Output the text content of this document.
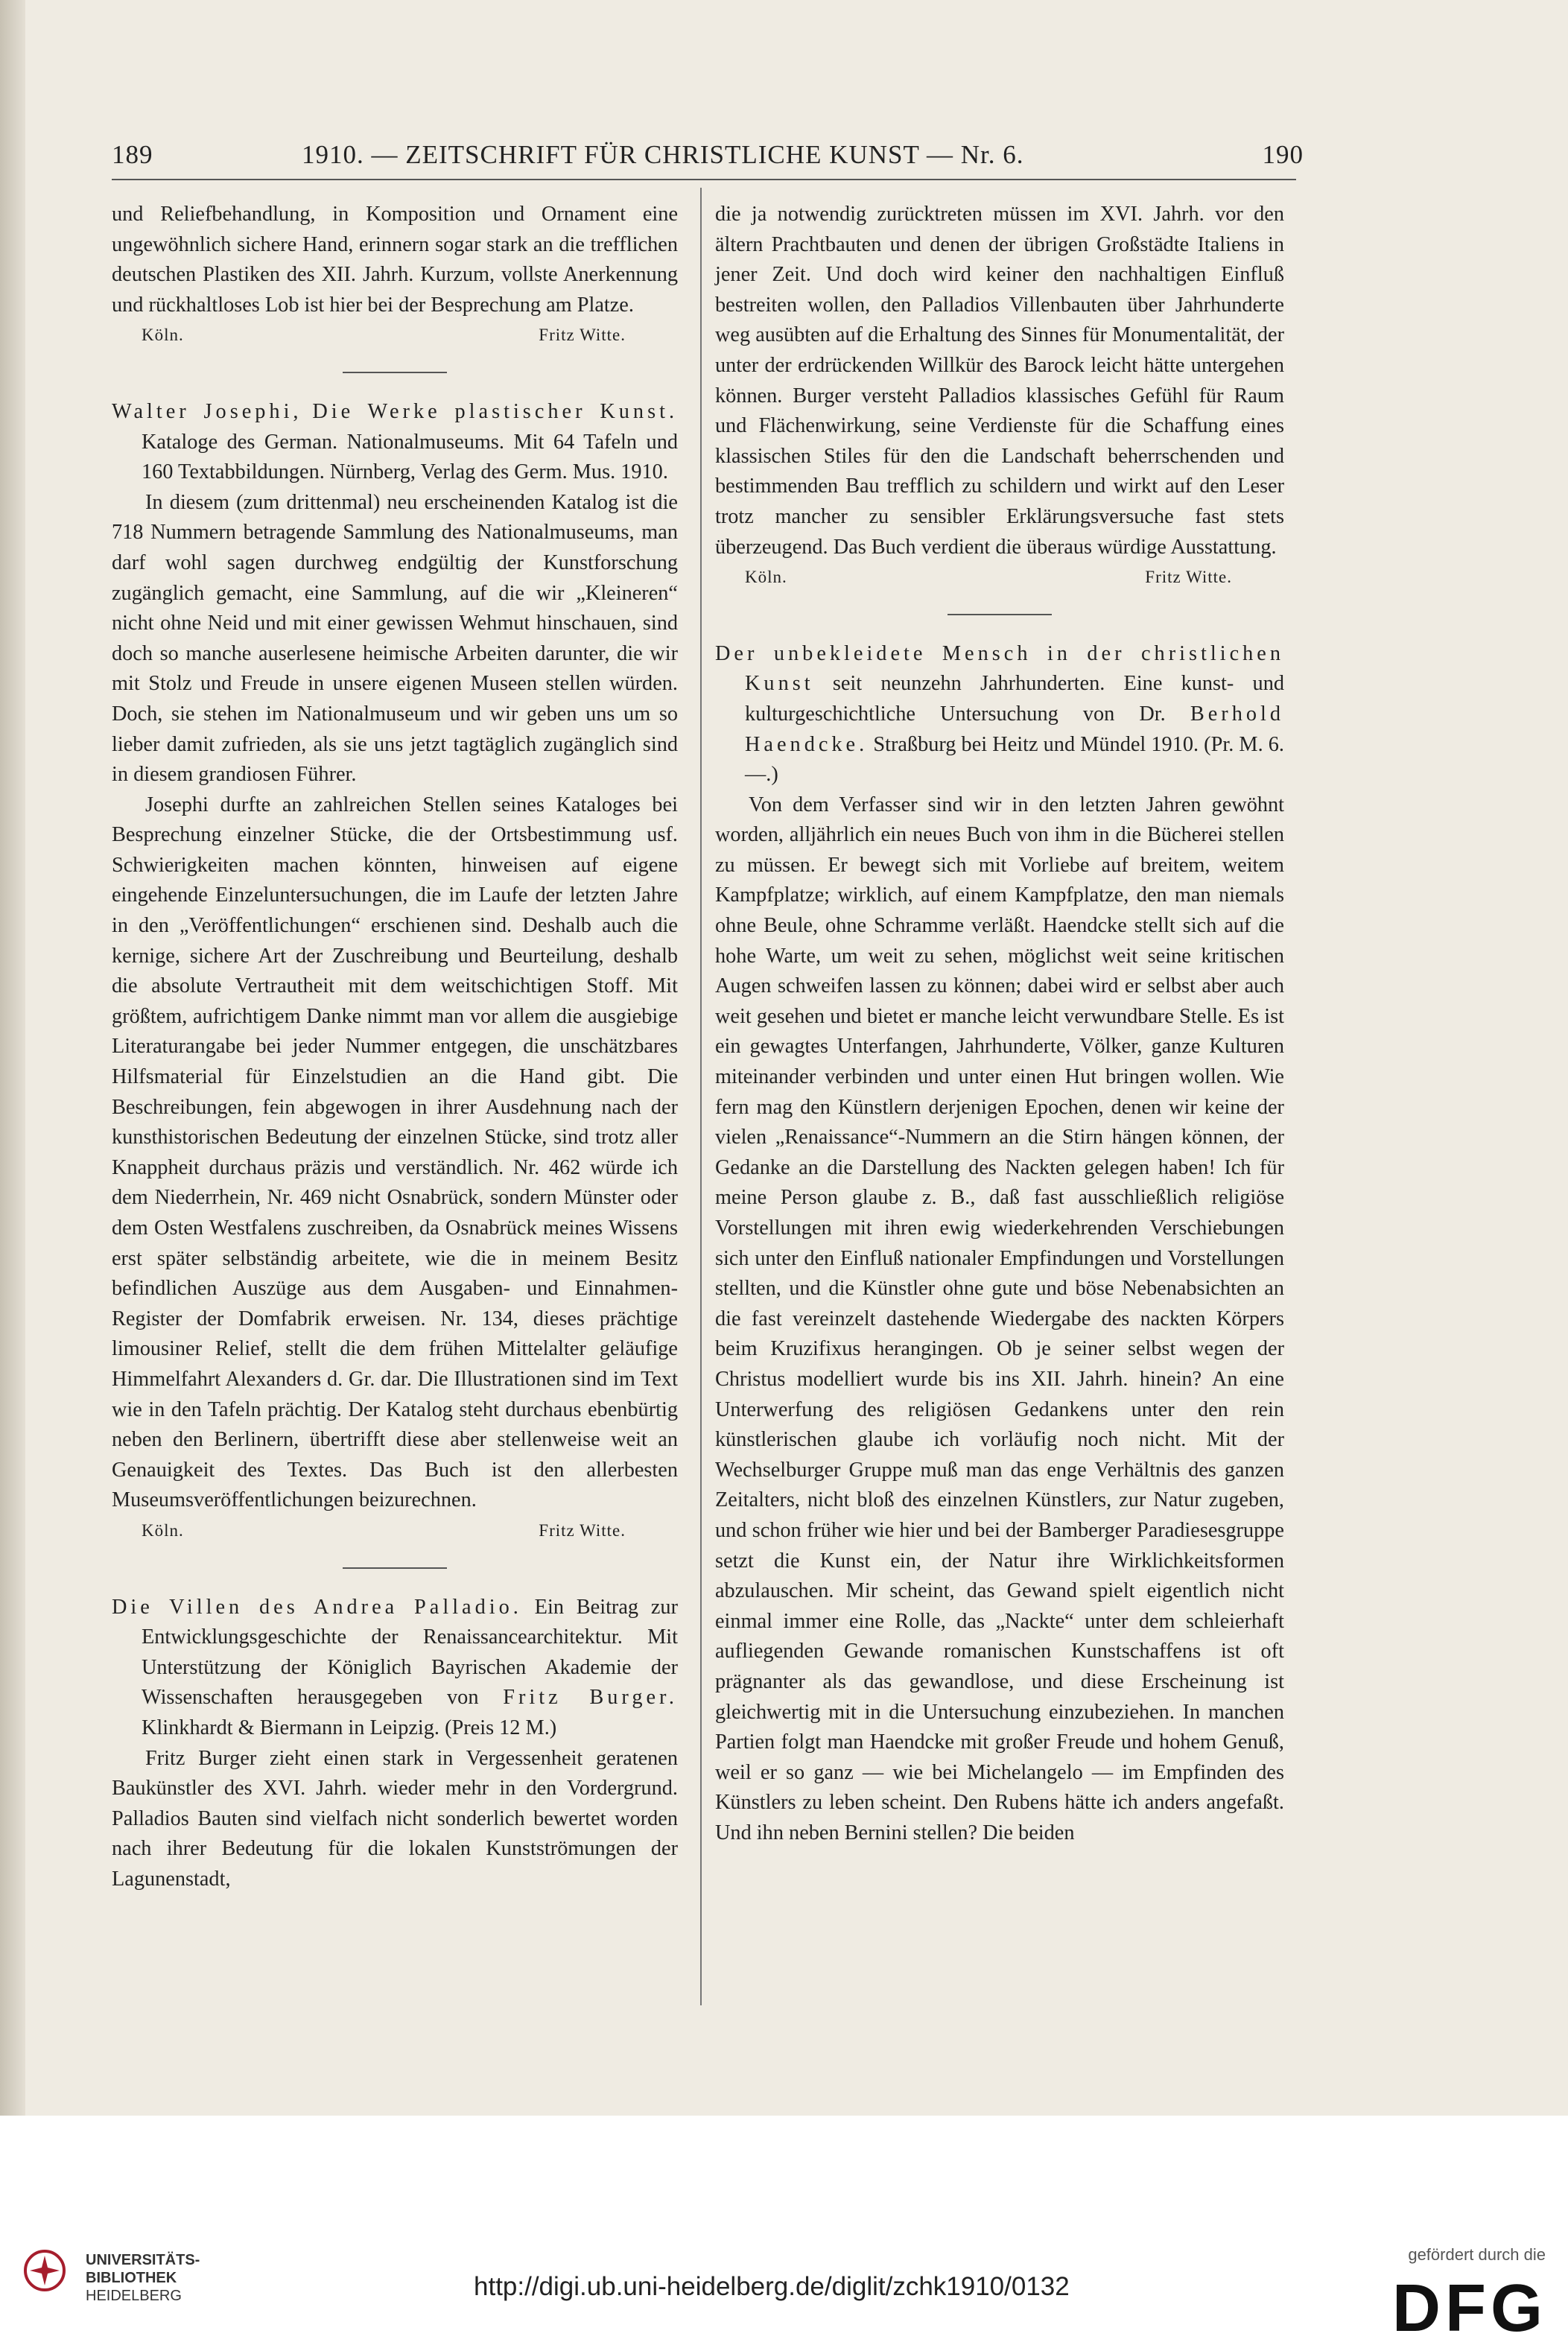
189	1910. — ZEITSCHRIFT FÜR CHRISTLICHE KUNST — Nr. 6.	190

und Reliefbehandlung, in Komposition und Ornament eine ungewöhnlich sichere Hand, erinnern sogar stark an die trefflichen deutschen Plastiken des XII. Jahrh. Kurzum, vollste Anerkennung und rückhaltloses Lob ist hier bei der Besprechung am Platze.

Köln.	Fritz Witte.

Walter Josephi, Die Werke plastischer Kunst. Kataloge des German. Nationalmuseums. Mit 64 Tafeln und 160 Textabbildungen. Nürnberg, Verlag des Germ. Mus. 1910.

In diesem (zum drittenmal) neu erscheinenden Katalog ist die 718 Nummern betragende Sammlung des Nationalmuseums, man darf wohl sagen durchweg endgültig der Kunstforschung zugänglich gemacht, eine Sammlung, auf die wir „Kleineren“ nicht ohne Neid und mit einer gewissen Wehmut hinschauen, sind doch so manche auserlesene heimische Arbeiten darunter, die wir mit Stolz und Freude in unsere eigenen Museen stellen würden. Doch, sie stehen im Nationalmuseum und wir geben uns um so lieber damit zufrieden, als sie uns jetzt tagtäglich zugänglich sind in diesem grandiosen Führer.

Josephi durfte an zahlreichen Stellen seines Kataloges bei Besprechung einzelner Stücke, die der Ortsbestimmung usf. Schwierigkeiten machen könnten, hinweisen auf eigene eingehende Einzeluntersuchungen, die im Laufe der letzten Jahre in den „Veröffentlichungen“ erschienen sind. Deshalb auch die kernige, sichere Art der Zuschreibung und Beurteilung, deshalb die absolute Vertrautheit mit dem weitschichtigen Stoff. Mit größtem, aufrichtigem Danke nimmt man vor allem die ausgiebige Literaturangabe bei jeder Nummer entgegen, die unschätzbares Hilfsmaterial für Einzelstudien an die Hand gibt. Die Beschreibungen, fein abgewogen in ihrer Ausdehnung nach der kunsthistorischen Bedeutung der einzelnen Stücke, sind trotz aller Knappheit durchaus präzis und verständlich. Nr. 462 würde ich dem Niederrhein, Nr. 469 nicht Osnabrück, sondern Münster oder dem Osten Westfalens zuschreiben, da Osnabrück meines Wissens erst später selbständig arbeitete, wie die in meinem Besitz befindlichen Auszüge aus dem Ausgaben- und Einnahmen-Register der Domfabrik erweisen. Nr. 134, dieses prächtige limousiner Relief, stellt die dem frühen Mittelalter geläufige Himmelfahrt Alexanders d. Gr. dar. Die Illustrationen sind im Text wie in den Tafeln prächtig. Der Katalog steht durchaus ebenbürtig neben den Berlinern, übertrifft diese aber stellenweise weit an Genauigkeit des Textes. Das Buch ist den allerbesten Museumsveröffentlichungen beizurechnen.

Köln.	Fritz Witte.

Die Villen des Andrea Palladio. Ein Beitrag zur Entwicklungsgeschichte der Renaissancearchitektur. Mit Unterstützung der Königlich Bayrischen Akademie der Wissenschaften herausgegeben von Fritz Burger. Klinkhardt & Biermann in Leipzig. (Preis 12 M.)

Fritz Burger zieht einen stark in Vergessenheit geratenen Baukünstler des XVI. Jahrh. wieder mehr in den Vordergrund. Palladios Bauten sind vielfach nicht sonderlich bewertet worden nach ihrer Bedeutung für die lokalen Kunstströmungen der Lagunenstadt,

die ja notwendig zurücktreten müssen im XVI. Jahrh. vor den ältern Prachtbauten und denen der übrigen Großstädte Italiens in jener Zeit. Und doch wird keiner den nachhaltigen Einfluß bestreiten wollen, den Palladios Villenbauten über Jahrhunderte weg ausübten auf die Erhaltung des Sinnes für Monumentalität, der unter der erdrückenden Willkür des Barock leicht hätte untergehen können. Burger versteht Palladios klassisches Gefühl für Raum und Flächenwirkung, seine Verdienste für die Schaffung eines klassischen Stiles für den die Landschaft beherrschenden und bestimmenden Bau trefflich zu schildern und wirkt auf den Leser trotz mancher zu sensibler Erklärungsversuche fast stets überzeugend. Das Buch verdient die überaus würdige Ausstattung.

Köln.	Fritz Witte.

Der unbekleidete Mensch in der christlichen Kunst seit neunzehn Jahrhunderten. Eine kunst- und kulturgeschichtliche Untersuchung von Dr. Berhold Haendcke. Straßburg bei Heitz und Mündel 1910. (Pr. M. 6.—.)

Von dem Verfasser sind wir in den letzten Jahren gewöhnt worden, alljährlich ein neues Buch von ihm in die Bücherei stellen zu müssen. Er bewegt sich mit Vorliebe auf breitem, weitem Kampfplatze; wirklich, auf einem Kampfplatze, den man niemals ohne Beule, ohne Schramme verläßt. Haendcke stellt sich auf die hohe Warte, um weit zu sehen, möglichst weit seine kritischen Augen schweifen lassen zu können; dabei wird er selbst aber auch weit gesehen und bietet er manche leicht verwundbare Stelle. Es ist ein gewagtes Unterfangen, Jahrhunderte, Völker, ganze Kulturen miteinander verbinden und unter einen Hut bringen wollen. Wie fern mag den Künstlern derjenigen Epochen, denen wir keine der vielen „Renaissance“-Nummern an die Stirn hängen können, der Gedanke an die Darstellung des Nackten gelegen haben! Ich für meine Person glaube z. B., daß fast ausschließlich religiöse Vorstellungen mit ihren ewig wiederkehrenden Verschiebungen sich unter den Einfluß nationaler Empfindungen und Vorstellungen stellten, und die Künstler ohne gute und böse Nebenabsichten an die fast vereinzelt dastehende Wiedergabe des nackten Körpers beim Kruzifixus herangingen. Ob je seiner selbst wegen der Christus modelliert wurde bis ins XII. Jahrh. hinein? An eine Unterwerfung des religiösen Gedankens unter den rein künstlerischen glaube ich vorläufig noch nicht. Mit der Wechselburger Gruppe muß man das enge Verhältnis des ganzen Zeitalters, nicht bloß des einzelnen Künstlers, zur Natur zugeben, und schon früher wie hier und bei der Bamberger Paradiesesgruppe setzt die Kunst ein, der Natur ihre Wirklichkeitsformen abzulauschen. Mir scheint, das Gewand spielt eigentlich nicht einmal immer eine Rolle, das „Nackte“ unter dem schleierhaft aufliegenden Gewande romanischen Kunstschaffens ist oft prägnanter als das gewandlose, und diese Erscheinung ist gleichwertig mit in die Untersuchung einzubeziehen. In manchen Partien folgt man Haendcke mit großer Freude und hohem Genuß, weil er so ganz — wie bei Michelangelo — im Empfinden des Künstlers zu leben scheint. Den Rubens hätte ich anders angefaßt. Und ihn neben Bernini stellen? Die beiden

UNIVERSITÄTS-
BIBLIOTHEK
HEIDELBERG	http://digi.ub.uni-heidelberg.de/diglit/zchk1910/0132
gefördert durch die
DFG
